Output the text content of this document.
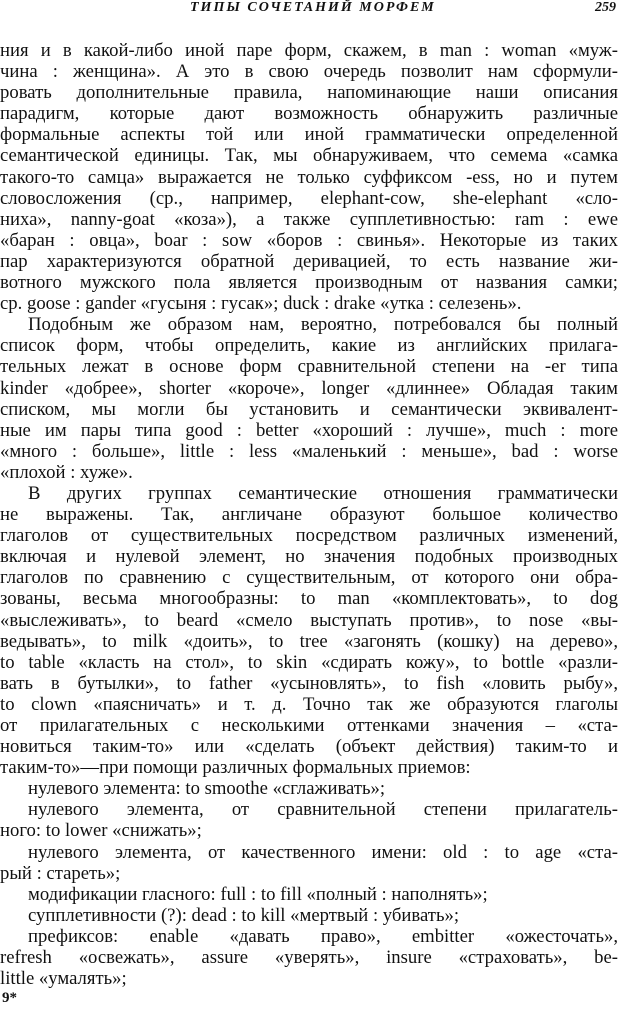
ТИПЫ СОЧЕТАНИЙ МОРФЕМ	259
ния и в какой-либо иной паре форм, скажем, в man : woman «муж-
чина : женщина». А это в свою очередь позволит нам сформули-
ровать дополнительные правила, напоминающие наши описания
парадигм, которые дают возможность обнаружить различные
формальные аспекты той или иной грамматически определенной
семантической единицы. Так, мы обнаруживаем, что семема «самка
такого-то самца» выражается не только суффиксом -ess, но и путем
словосложения (ср., например, elephant-cow, she-elephant «сло-
ниха», nanny-goat «коза»), а также супплетивностью: ram : ewe
«баран : овца», boar : sow «боров : свинья». Некоторые из таких
пар характеризуются обратной деривацией, то есть название жи-
вотного мужского пола является производным от названия самки;
ср. goose : gander «гусыня : гусак»; duck : drake «утка : селезень».
Подобным же образом нам, вероятно, потребовался бы полный
список форм, чтобы определить, какие из английских прилага-
тельных лежат в основе форм сравнительной степени на -er типа
kinder «добрее», shorter «короче», longer «длиннее» Обладая таким
списком, мы могли бы установить и семантически эквивалент-
ные им пары типа good : better «хороший : лучше», much : more
«много : больше», little : less «маленький : меньше», bad : worse
«плохой : хуже».
В других группах семантические отношения грамматически
не выражены. Так, англичане образуют большое количество
глаголов от существительных посредством различных изменений,
включая и нулевой элемент, но значения подобных производных
глаголов по сравнению с существительным, от которого они обра-
зованы, весьма многообразны: to man «комплектовать», to dog
«выслеживать», to beard «смело выступать против», to nose «вы-
ведывать», to milk «доить», to tree «загонять (кошку) на дерево»,
to table «класть на стол», to skin «сдирать кожу», to bottle «разли-
вать в бутылки», to father «усыновлять», to fish «ловить рыбу»,
to clown «паясничать» и т. д. Точно так же образуются глаголы
от прилагательных с несколькими оттенками значения – «ста-
новиться таким-то» или «сделать (объект действия) таким-то и
таким-то»—при помощи различных формальных приемов:
нулевого элемента: to smoothe «сглаживать»;
нулевого элемента, от сравнительной степени прилагатель-
ного: to lower «снижать»;
нулевого элемента, от качественного имени: old : to age «ста-
рый : стареть»;
модификации гласного: full : to fill «полный : наполнять»;
супплетивности (?): dead : to kill «мертвый : убивать»;
префиксов: enable «давать право», embitter «ожесточать»,
refresh «освежать», assure «уверять», insure «страховать», be-
little «умалять»;
9*
